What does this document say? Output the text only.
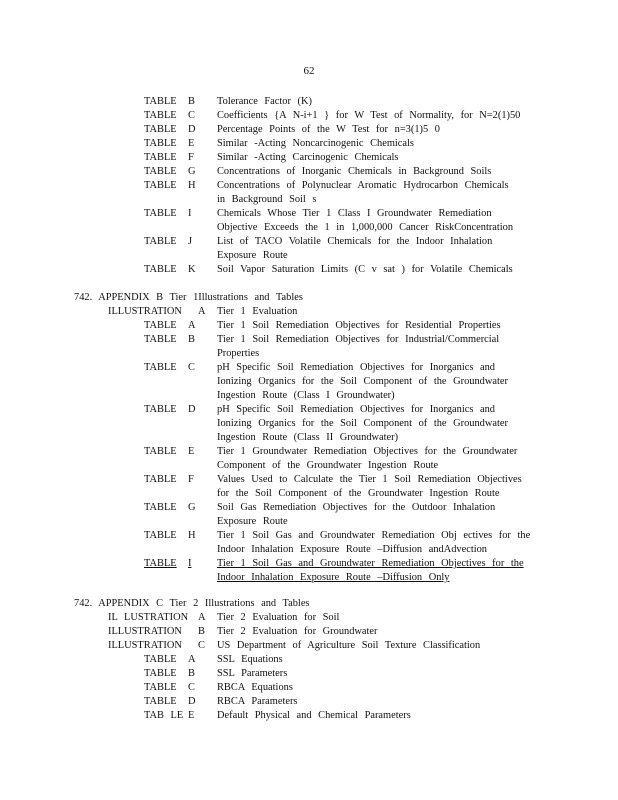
62
TABLE B Tolerance Factor (K)
TABLE C Coefficients {A N-i+1 } for W Test of Normality, for N=2(1)50
TABLE D Percentage Points of the W Test for n=3(1)5 0
TABLE E Similar -Acting Noncarcinogenic Chemicals
TABLE F Similar -Acting Carcinogenic Chemicals
TABLE G Concentrations of Inorganic Chemicals in Background Soils
TABLE H Concentrations of Polynuclear Aromatic Hydrocarbon Chemicals
in Background Soil s
TABLE I Chemicals Whose Tier 1 Class I Groundwater Remediation
Objective Exceeds the 1 in 1,000,000 Cancer RiskConcentration
TABLE J List of TACO Volatile Chemicals for the Indoor Inhalation
Exposure Route
TABLE K Soil Vapor Saturation Limits (C v sat ) for Volatile Chemicals
742. APPENDIX B Tier 1Illustrations and Tables
ILLUSTRATION A Tier 1 Evaluation
TABLE A Tier 1 Soil Remediation Objectives for Residential Properties
TABLE B Tier 1 Soil Remediation Objectives for Industrial/Commercial
Properties
TABLE C pH Specific Soil Remediation Objectives for Inorganics and
Ionizing Organics for the Soil Component of the Groundwater
Ingestion Route (Class I Groundwater)
TABLE D pH Specific Soil Remediation Objectives for Inorganics and
Ionizing Organics for the Soil Component of the Groundwater
Ingestion Route (Class II Groundwater)
TABLE E Tier 1 Groundwater Remediation Objectives for the Groundwater
Component of the Groundwater Ingestion Route
TABLE F Values Used to Calculate the Tier 1 Soil Remediation Objectives
for the Soil Component of the Groundwater Ingestion Route
TABLE G Soil Gas Remediation Objectives for the Outdoor Inhalation
Exposure Route
TABLE H Tier 1 Soil Gas and Groundwater Remediation Obj ectives for the
Indoor Inhalation Exposure Route –Diffusion andAdvection
TABLE I Tier 1 Soil Gas and Groundwater Remediation Objectives for the
Indoor Inhalation Exposure Route –Diffusion Only
742. APPENDIX C Tier 2 Illustrations and Tables
IL LUSTRATION A Tier 2 Evaluation for Soil
ILLUSTRATION B Tier 2 Evaluation for Groundwater
ILLUSTRATION C US Department of Agriculture Soil Texture Classification
TABLE A SSL Equations
TABLE B SSL Parameters
TABLE C RBCA Equations
TABLE D RBCA Parameters
TAB LE E Default Physical and Chemical Parameters
